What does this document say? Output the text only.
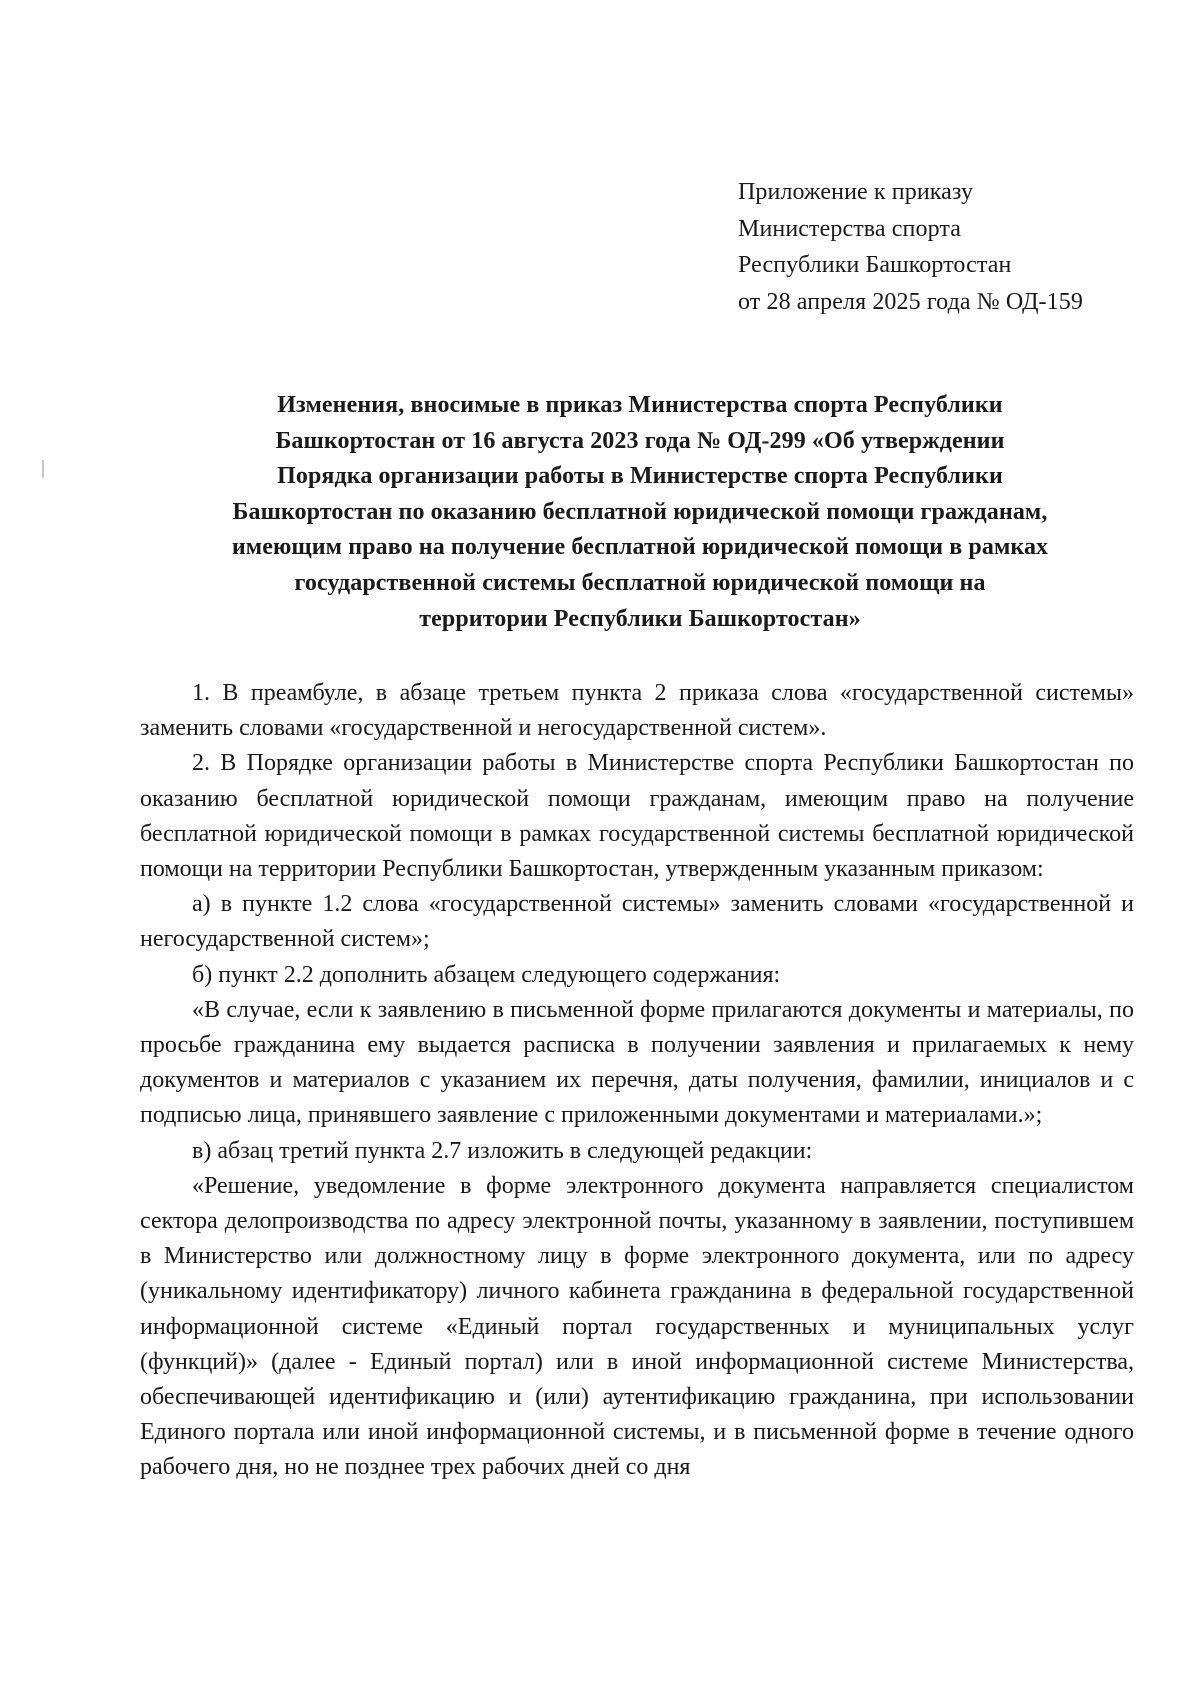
Приложение к приказу
Министерства спорта
Республики Башкортостан
от 28 апреля 2025 года № ОД-159
Изменения, вносимые в приказ Министерства спорта Республики
Башкортостан от 16 августа 2023 года № ОД-299 «Об утверждении
Порядка организации работы в Министерстве спорта Республики
Башкортостан по оказанию бесплатной юридической помощи гражданам,
имеющим право на получение бесплатной юридической помощи в рамках
государственной системы бесплатной юридической помощи на
территории Республики Башкортостан»

1. В преамбуле, в абзаце третьем пункта 2 приказа слова «государственной системы» заменить словами «государственной и негосударственной систем».

2. В Порядке организации работы в Министерстве спорта Республики Башкортостан по оказанию бесплатной юридической помощи гражданам, имеющим право на получение бесплатной юридической помощи в рамках государственной системы бесплатной юридической помощи на территории Республики Башкортостан, утвержденным указанным приказом:

а) в пункте 1.2 слова «государственной системы» заменить словами «государственной и негосударственной систем»;

б) пункт 2.2 дополнить абзацем следующего содержания:

«В случае, если к заявлению в письменной форме прилагаются документы и материалы, по просьбе гражданина ему выдается расписка в получении заявления и прилагаемых к нему документов и материалов с указанием их перечня, даты получения, фамилии, инициалов и с подписью лица, принявшего заявление с приложенными документами и материалами.»;

в) абзац третий пункта 2.7 изложить в следующей редакции:

«Решение, уведомление в форме электронного документа направляется специалистом сектора делопроизводства по адресу электронной почты, указанному в заявлении, поступившем в Министерство или должностному лицу в форме электронного документа, или по адресу (уникальному идентификатору) личного кабинета гражданина в федеральной государственной информационной системе «Единый портал государственных и муниципальных услуг (функций)» (далее - Единый портал) или в иной информационной системе Министерства, обеспечивающей идентификацию и (или) аутентификацию гражданина, при использовании Единого портала или иной информационной системы, и в письменной форме в течение одного рабочего дня, но не позднее трех рабочих дней со дня
